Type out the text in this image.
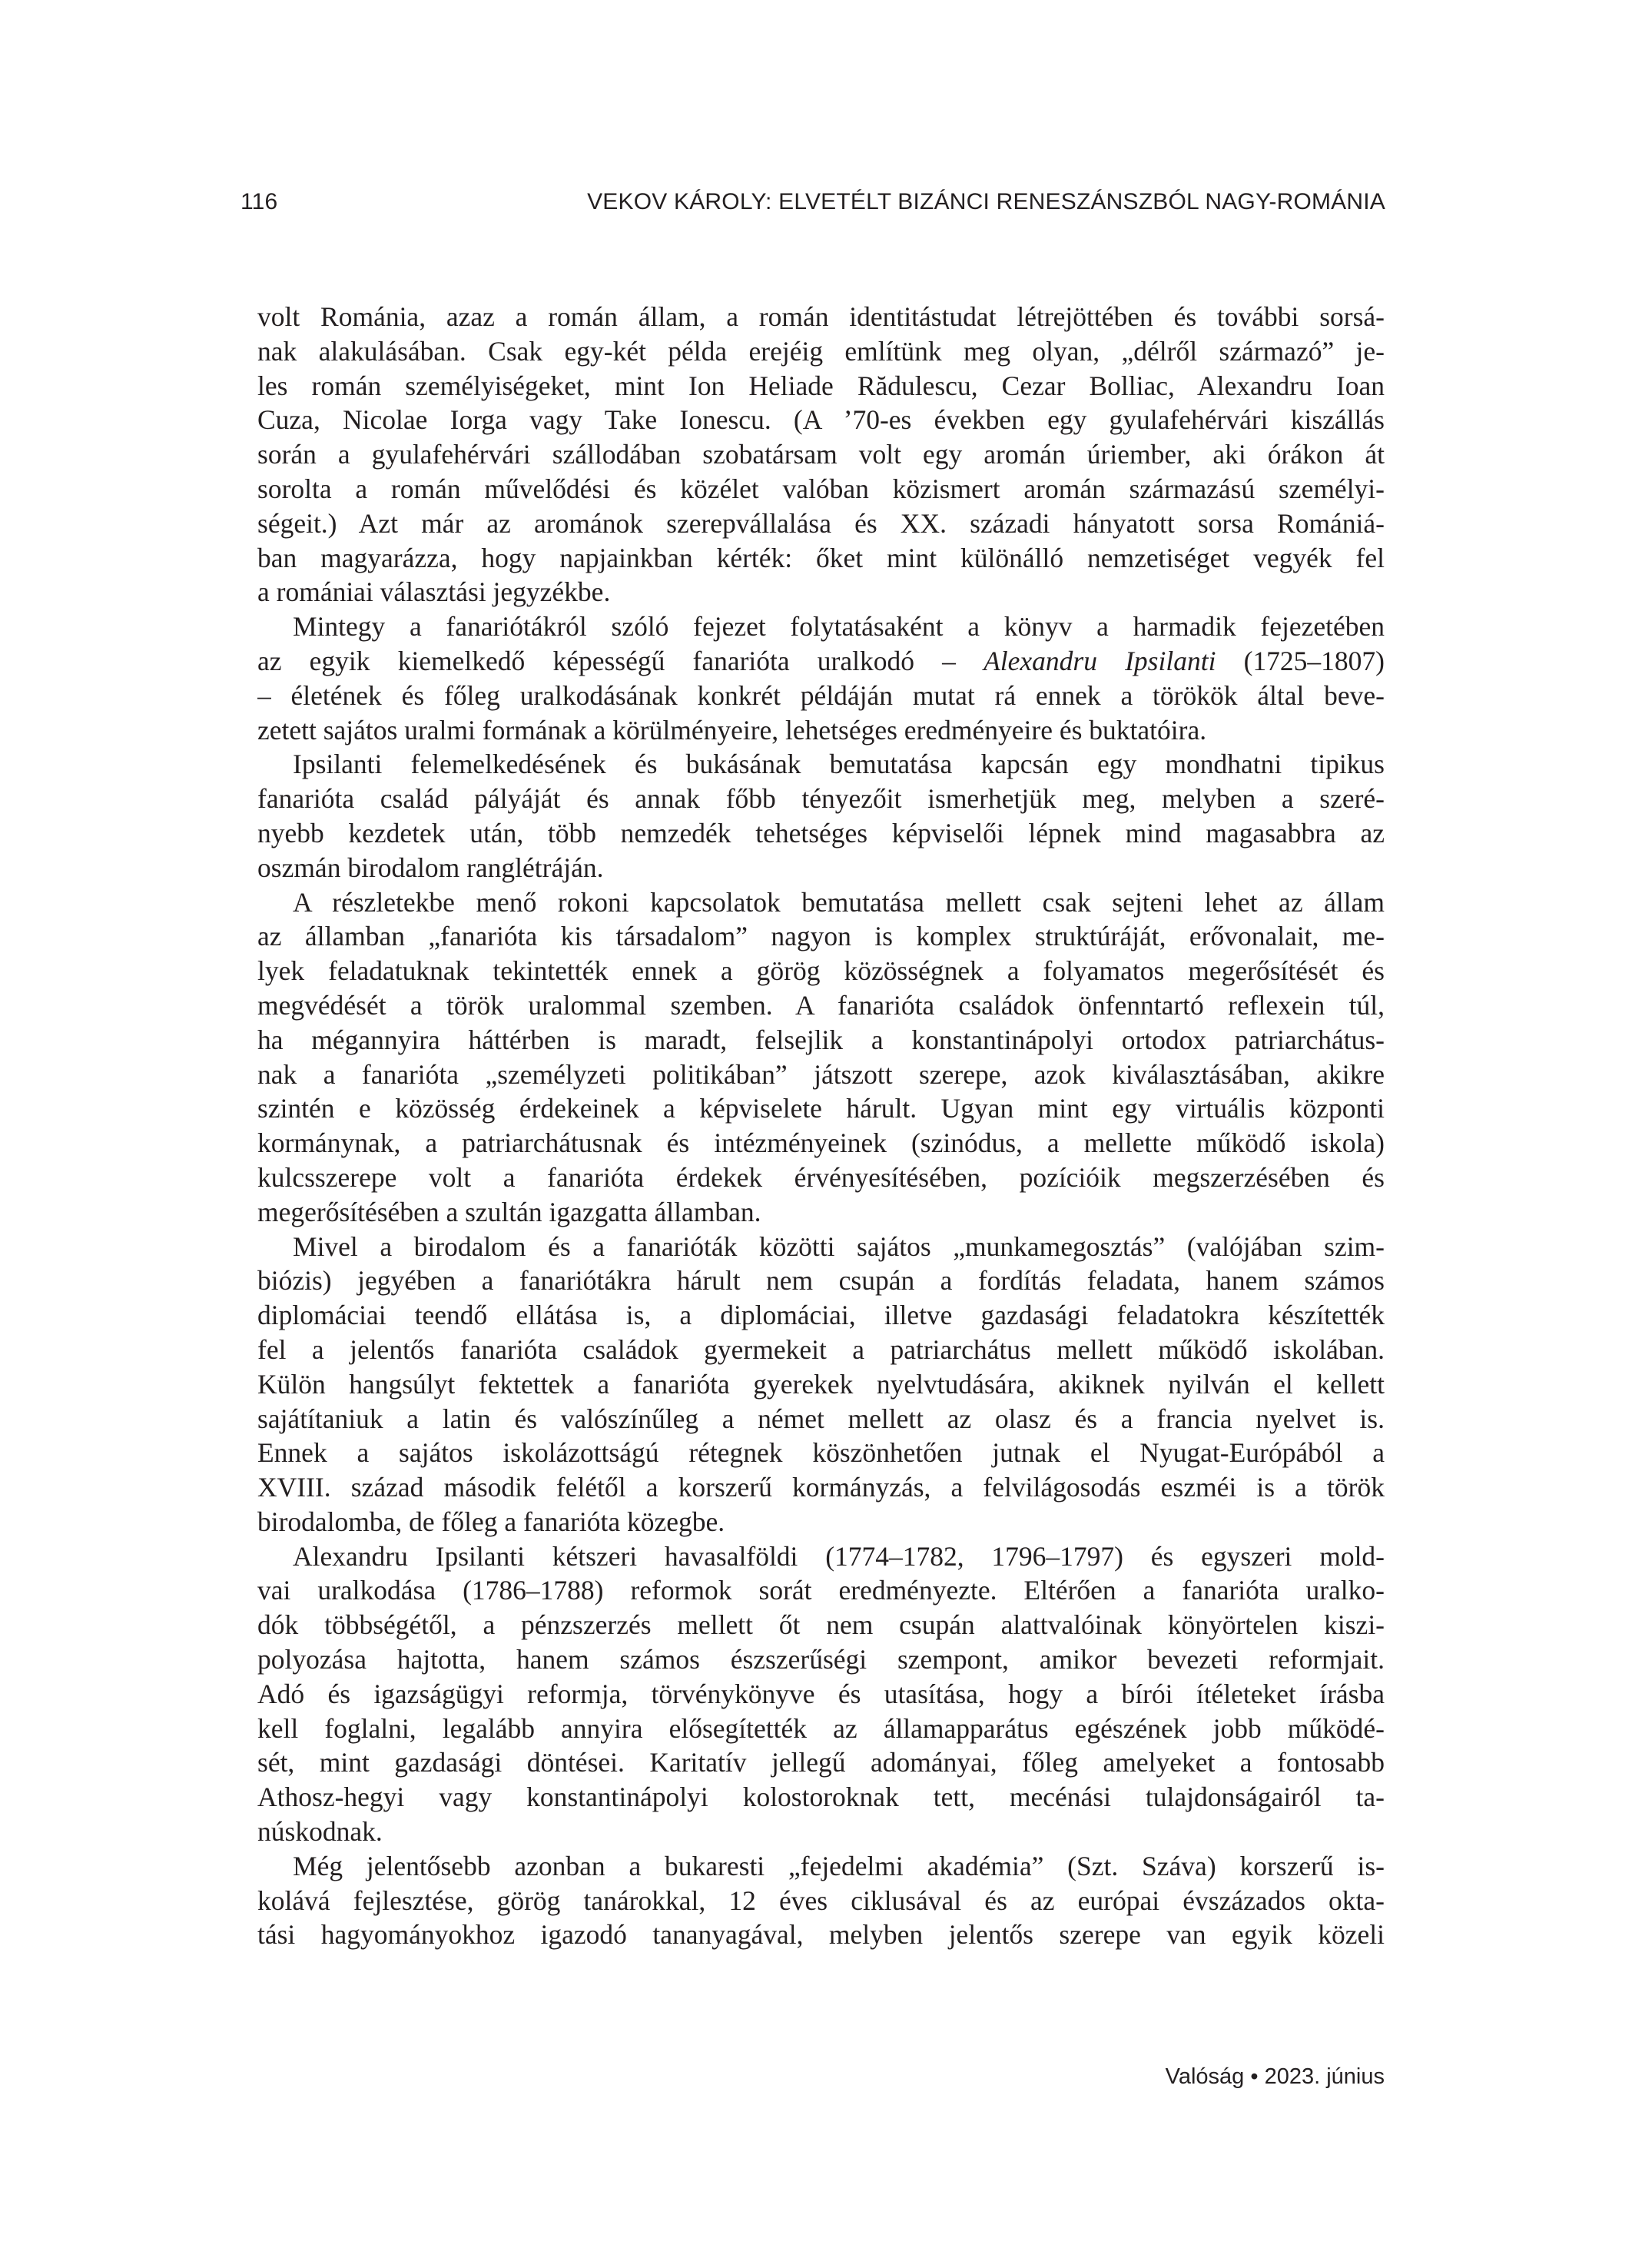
116	VEKOV KÁROLY: ELVETÉLT BIZÁNCI RENESZÁNSZBÓL NAGY-ROMÁNIA
volt Románia, azaz a román állam, a román identitástudat létrejöttében és további sorsá-
nak alakulásában. Csak egy-két példa erejéig említünk meg olyan, „délről származó” je-
les román személyiségeket, mint Ion Heliade Rădulescu, Cezar Bolliac, Alexandru Ioan
Cuza, Nicolae Iorga vagy Take Ionescu. (A ’70-es években egy gyulafehérvári kiszállás
során a gyulafehérvári szállodában szobatársam volt egy aromán úriember, aki órákon át
sorolta a román művelődési és közélet valóban közismert aromán származású személyi-
ségeit.) Azt már az arománok szerepvállalása és XX. századi hányatott sorsa Romániá-
ban magyarázza, hogy napjainkban kérték: őket mint különálló nemzetiséget vegyék fel
a romániai választási jegyzékbe.
Mintegy a fanariótákról szóló fejezet folytatásaként a könyv a harmadik fejezetében
az egyik kiemelkedő képességű fanarióta uralkodó – Alexandru Ipsilanti (1725–1807)
– életének és főleg uralkodásának konkrét példáján mutat rá ennek a törökök által beve-
zetett sajátos uralmi formának a körülményeire, lehetséges eredményeire és buktatóira.
Ipsilanti felemelkedésének és bukásának bemutatása kapcsán egy mondhatni tipikus
fanarióta család pályáját és annak főbb tényezőit ismerhetjük meg, melyben a szeré-
nyebb kezdetek után, több nemzedék tehetséges képviselői lépnek mind magasabbra az
oszmán birodalom ranglétráján.
A részletekbe menő rokoni kapcsolatok bemutatása mellett csak sejteni lehet az állam
az államban „fanarióta kis társadalom” nagyon is komplex struktúráját, erővonalait, me-
lyek feladatuknak tekintették ennek a görög közösségnek a folyamatos megerősítését és
megvédését a török uralommal szemben. A fanarióta családok önfenntartó reflexein túl,
ha mégannyira háttérben is maradt, felsejlik a konstantinápolyi ortodox patriarchátus-
nak a fanarióta „személyzeti politikában” játszott szerepe, azok kiválasztásában, akikre
szintén e közösség érdekeinek a képviselete hárult. Ugyan mint egy virtuális központi
kormánynak, a patriarchátusnak és intézményeinek (szinódus, a mellette működő iskola)
kulcsszerepe volt a fanarióta érdekek érvényesítésében, pozícióik megszerzésében és
megerősítésében a szultán igazgatta államban.
Mivel a birodalom és a fanarióták közötti sajátos „munkamegosztás” (valójában szim-
biózis) jegyében a fanariótákra hárult nem csupán a fordítás feladata, hanem számos
diplomáciai teendő ellátása is, a diplomáciai, illetve gazdasági feladatokra készítették
fel a jelentős fanarióta családok gyermekeit a patriarchátus mellett működő iskolában.
Külön hangsúlyt fektettek a fanarióta gyerekek nyelvtudására, akiknek nyilván el kellett
sajátítaniuk a latin és valószínűleg a német mellett az olasz és a francia nyelvet is.
Ennek a sajátos iskolázottságú rétegnek köszönhetően jutnak el Nyugat-Európából a
XVIII. század második felétől a korszerű kormányzás, a felvilágosodás eszméi is a török
birodalomba, de főleg a fanarióta közegbe.
Alexandru Ipsilanti kétszeri havasalföldi (1774–1782, 1796–1797) és egyszeri mold-
vai uralkodása (1786–1788) reformok sorát eredményezte. Eltérően a fanarióta uralko-
dók többségétől, a pénzszerzés mellett őt nem csupán alattvalóinak könyörtelen kiszi-
polyozása hajtotta, hanem számos észszerűségi szempont, amikor bevezeti reformjait.
Adó és igazságügyi reformja, törvénykönyve és utasítása, hogy a bírói ítéleteket írásba
kell foglalni, legalább annyira elősegítették az államapparátus egészének jobb működé-
sét, mint gazdasági döntései. Karitatív jellegű adományai, főleg amelyeket a fontosabb
Athosz-hegyi vagy konstantinápolyi kolostoroknak tett, mecénási tulajdonságairól ta-
núskodnak.
Még jelentősebb azonban a bukaresti „fejedelmi akadémia” (Szt. Száva) korszerű is-
kolává fejlesztése, görög tanárokkal, 12 éves ciklusával és az európai évszázados okta-
tási hagyományokhoz igazodó tananyagával, melyben jelentős szerepe van egyik közeli
Valóság • 2023. június
